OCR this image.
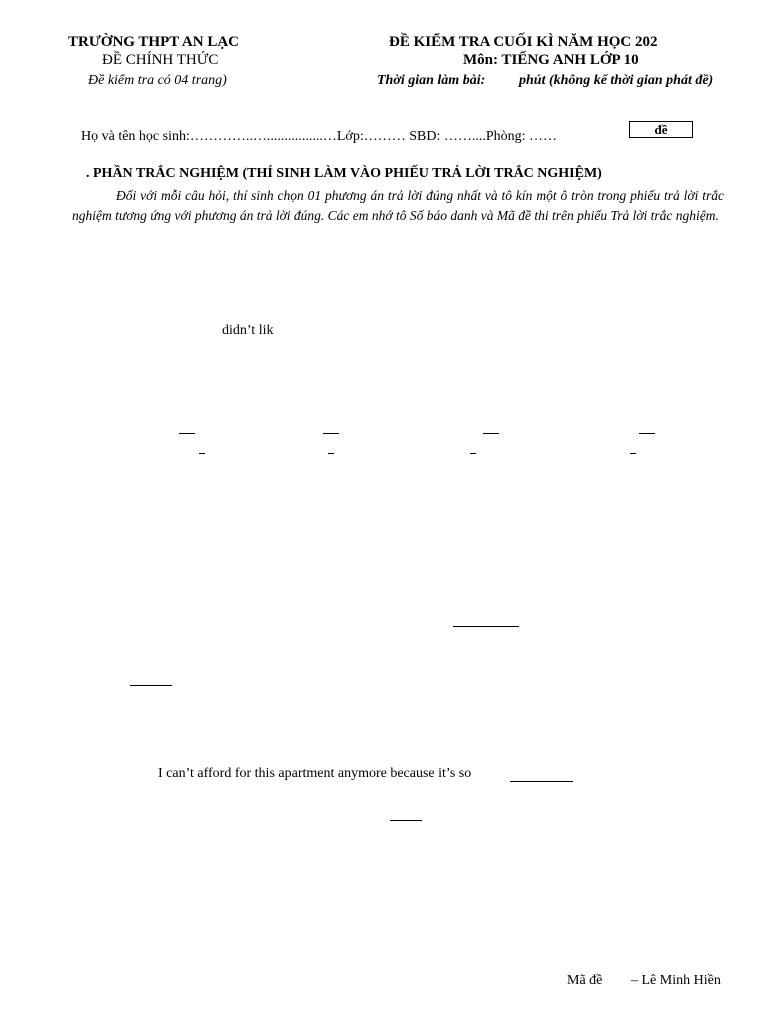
TRƯỜNG THPT AN LẠC
ĐỀ CHÍNH THỨC
Đề kiểm tra có 04 trang)
ĐỀ KIỂM TRA CUỐI KÌ NĂM HỌC 202
Môn: TIẾNG ANH LỚP 10
Thời gian làm bài: phút (không kể thời gian phát đề)
Họ và tên học sinh:…………..…................…Lớp:……… SBD: ……....Phòng: ……	đề
. PHẦN TRẮC NGHIỆM (THÍ SINH LÀM VÀO PHIẾU TRẢ LỜI TRẮC NGHIỆM)
Đối với mỗi câu hỏi, thí sinh chọn 01 phương án trả lời đúng nhất và tô kín một ô tròn trong phiếu trả lời trắc nghiệm tương ứng với phương án trả lời đúng. Các em nhớ tô Số báo danh và Mã đề thi trên phiếu Trả lời trắc nghiệm.
didn’t lik
I can’t afford for this apartment anymore because it’s so
Mã đề – Lê Minh Hiền
